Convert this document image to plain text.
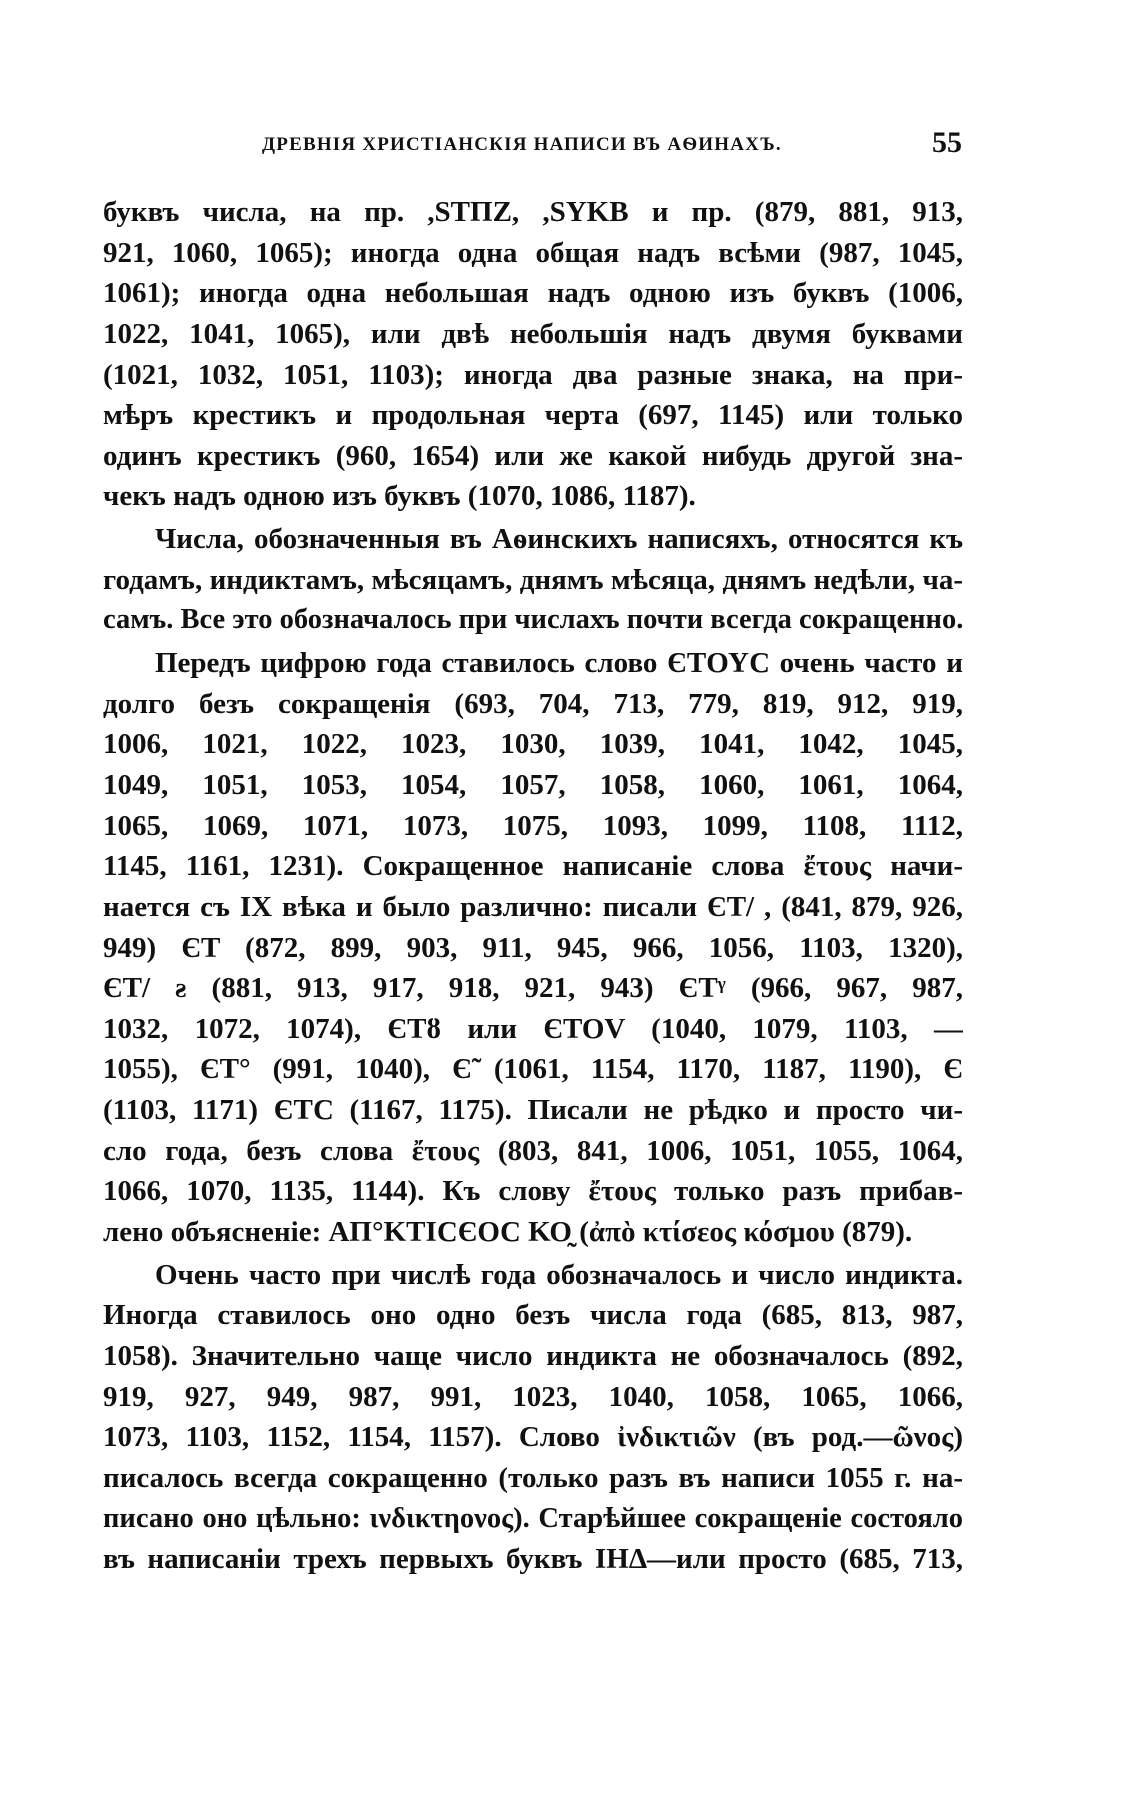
ДРЕВНІЯ ХРИСТІАНСКІЯ НАПИСИ ВЪ АѲИНАХЪ.	55
буквъ числа, на пр. ,STΠZ, ,SYKB и пр. (879, 881, 913,
921, 1060, 1065); иногда одна общая надъ всѣми (987, 1045,
1061); иногда одна небольшая надъ одною изъ буквъ (1006,
1022, 1041, 1065), или двѣ небольшія надъ двумя буквами
(1021, 1032, 1051, 1103); иногда два разные знака, на при-
мѣръ крестикъ и продольная черта (697, 1145) или только
одинъ крестикъ (960, 1654) или же какой нибудь другой зна-
чекъ надъ одною изъ буквъ (1070, 1086, 1187).
Числа, обозначенныя въ Аѳинскихъ написяхъ, относятся къ
годамъ, индиктамъ, мѣсяцамъ, днямъ мѣсяца, днямъ недѣли, ча-
самъ. Все это обозначалось при числахъ почти всегда сокращенно.
Передъ цифрою года ставилось слово ЄТΟΥϹ очень часто и
долго безъ сокращенія (693, 704, 713, 779, 819, 912, 919,
1006, 1021, 1022, 1023, 1030, 1039, 1041, 1042, 1045,
1049, 1051, 1053, 1054, 1057, 1058, 1060, 1061, 1064,
1065, 1069, 1071, 1073, 1075, 1093, 1099, 1108, 1112,
1145, 1161, 1231). Сокращенное написаніе слова ἔτους начи-
нается съ IX вѣка и было различно: писали ЄΤ/ , (841, 879, 926,
949) ЄΤ (872, 899, 903, 911, 945, 966, 1056, 1103, 1320),
ЄΤ/ ƨ (881, 913, 917, 918, 921, 943) ЄΤᵞ (966, 967, 987,
1032, 1072, 1074), ЄΤȣ или ЄΤΟV (1040, 1079, 1103, —
1055), ЄΤ° (991, 1040), Є̃ (1061, 1154, 1170, 1187, 1190), Є
(1103, 1171) ЄΤϹ (1167, 1175). Писали не рѣдко и просто чи-
сло года, безъ слова ἔτους (803, 841, 1006, 1051, 1055, 1064,
1066, 1070, 1135, 1144). Къ слову ἔτους только разъ прибав-
лено объясненіе: ΑΠ°ΚΤΙϹЄΟϹ ΚΟ̰ (ἀπὸ κτίσεος κόσμου (879).
Очень часто при числѣ года обозначалось и число индикта.
Иногда ставилось оно одно безъ числа года (685, 813, 987,
1058). Значительно чаще число индикта не обозначалось (892,
919, 927, 949, 987, 991, 1023, 1040, 1058, 1065, 1066,
1073, 1103, 1152, 1154, 1157). Слово ἰνδικτιῶν (въ род.—ῶνος)
писалось всегда сокращенно (только разъ въ написи 1055 г. на-
писано оно цѣльно: ινδικτηονος). Старѣйшее сокращеніе состояло
въ написаніи трехъ первыхъ буквъ ΙΗΔ—или просто (685, 713,
